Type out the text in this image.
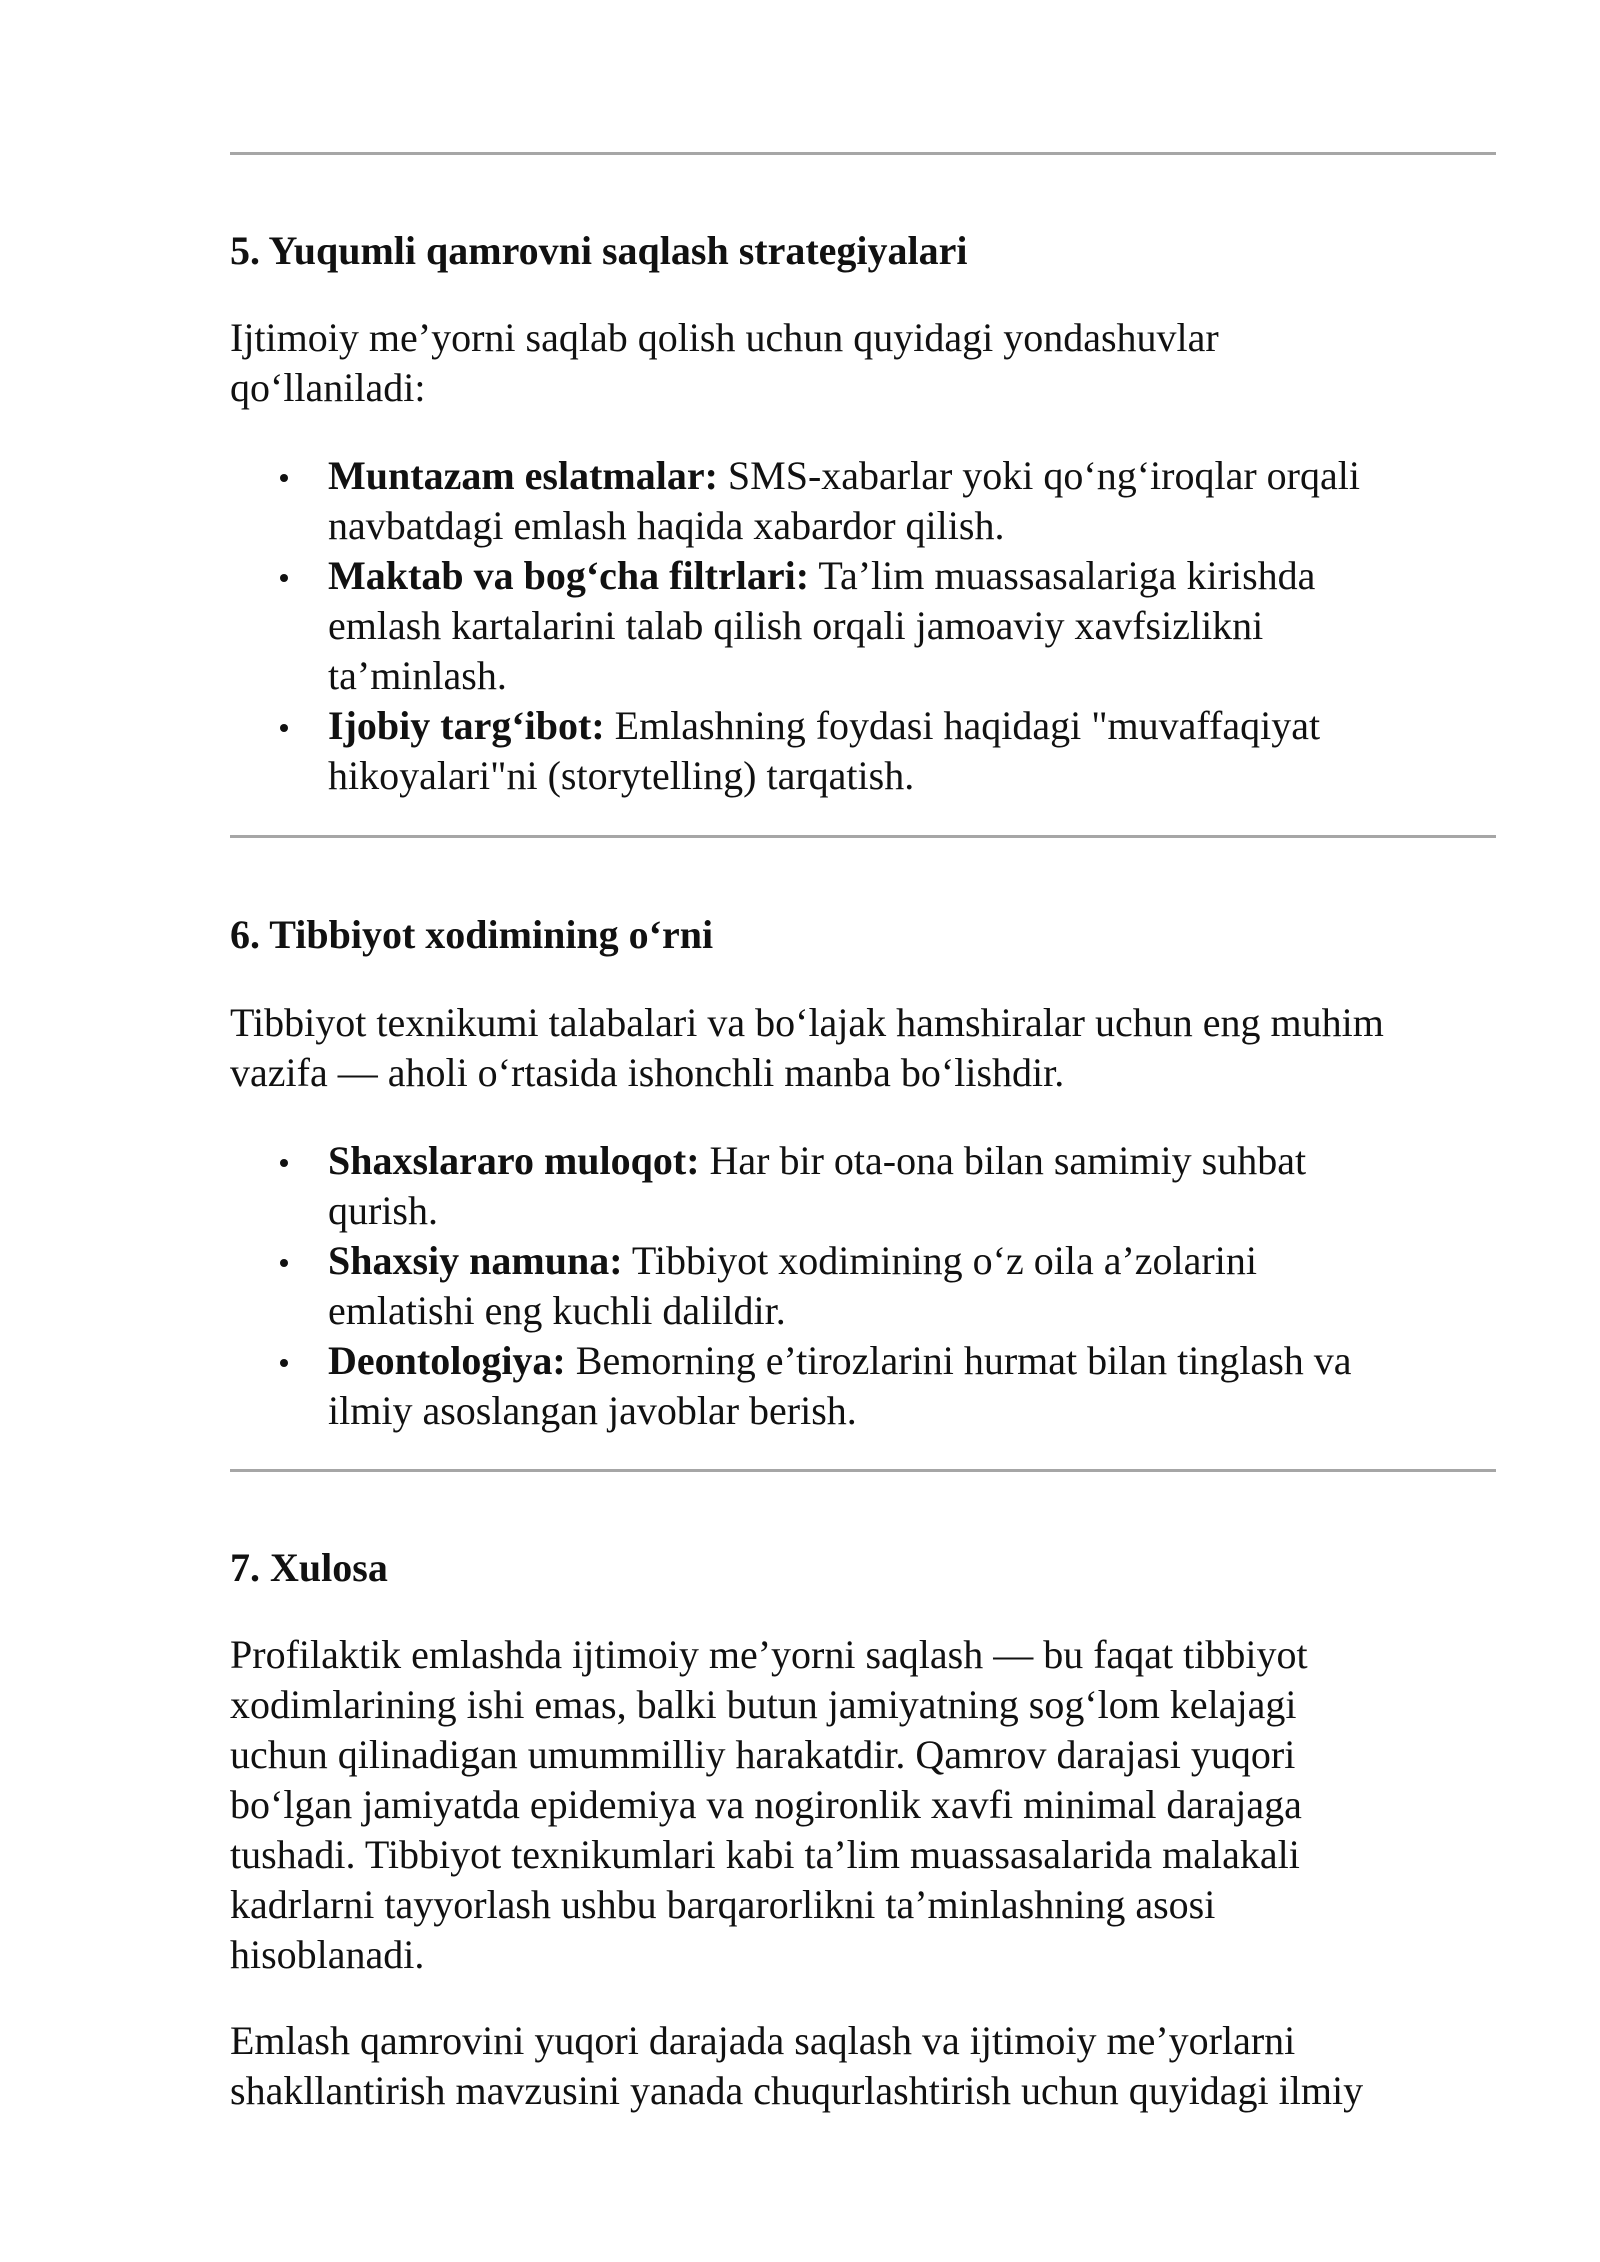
5. Yuqumli qamrovni saqlash strategiyalari

Ijtimoiy me’yorni saqlab qolish uchun quyidagi yondashuvlar
qo‘llaniladi:

Muntazam eslatmalar: SMS-xabarlar yoki qo‘ng‘iroqlar orqali
navbatdagi emlash haqida xabardor qilish.
Maktab va bog‘cha filtrlari: Ta’lim muassasalariga kirishda
emlash kartalarini talab qilish orqali jamoaviy xavfsizlikni
ta’minlash.
Ijobiy targ‘ibot: Emlashning foydasi haqidagi "muvaffaqiyat
hikoyalari"ni (storytelling) tarqatish.
6. Tibbiyot xodimining o‘rni

Tibbiyot texnikumi talabalari va bo‘lajak hamshiralar uchun eng muhim
vazifa — aholi o‘rtasida ishonchli manba bo‘lishdir.

Shaxslararo muloqot: Har bir ota-ona bilan samimiy suhbat
qurish.
Shaxsiy namuna: Tibbiyot xodimining o‘z oila a’zolarini
emlatishi eng kuchli dalildir.
Deontologiya: Bemorning e’tirozlarini hurmat bilan tinglash va
ilmiy asoslangan javoblar berish.
7. Xulosa

Profilaktik emlashda ijtimoiy me’yorni saqlash — bu faqat tibbiyot
xodimlarining ishi emas, balki butun jamiyatning sog‘lom kelajagi
uchun qilinadigan umummilliy harakatdir. Qamrov darajasi yuqori
bo‘lgan jamiyatda epidemiya va nogironlik xavfi minimal darajaga
tushadi. Tibbiyot texnikumlari kabi ta’lim muassasalarida malakali
kadrlarni tayyorlash ushbu barqarorlikni ta’minlashning asosi
hisoblanadi.

Emlash qamrovini yuqori darajada saqlash va ijtimoiy me’yorlarni
shakllantirish mavzusini yanada chuqurlashtirish uchun quyidagi ilmiy
